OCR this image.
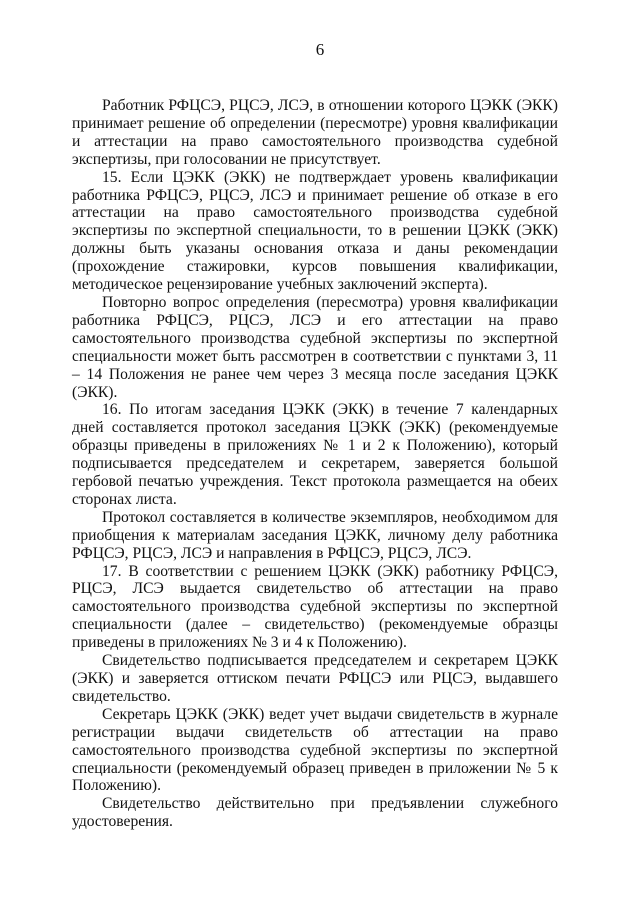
6

Работник РФЦСЭ, РЦСЭ, ЛСЭ, в отношении которого ЦЭКК (ЭКК) принимает решение об определении (пересмотре) уровня квалификации и аттестации на право самостоятельного производства судебной экспертизы, при голосовании не присутствует.

15. Если ЦЭКК (ЭКК) не подтверждает уровень квалификации работника РФЦСЭ, РЦСЭ, ЛСЭ и принимает решение об отказе в его аттестации на право самостоятельного производства судебной экспертизы по экспертной специальности, то в решении ЦЭКК (ЭКК) должны быть указаны основания отказа и даны рекомендации (прохождение стажировки, курсов повышения квалификации, методическое рецензирование учебных заключений эксперта).

Повторно вопрос определения (пересмотра) уровня квалификации работника РФЦСЭ, РЦСЭ, ЛСЭ и его аттестации на право самостоятельного производства судебной экспертизы по экспертной специальности может быть рассмотрен в соответствии с пунктами 3, 11 – 14 Положения не ранее чем через 3 месяца после заседания ЦЭКК (ЭКК).

16. По итогам заседания ЦЭКК (ЭКК) в течение 7 календарных дней составляется протокол заседания ЦЭКК (ЭКК) (рекомендуемые образцы приведены в приложениях № 1 и 2 к Положению), который подписывается председателем и секретарем, заверяется большой гербовой печатью учреждения. Текст протокола размещается на обеих сторонах листа.

Протокол составляется в количестве экземпляров, необходимом для приобщения к материалам заседания ЦЭКК, личному делу работника РФЦСЭ, РЦСЭ, ЛСЭ и направления в РФЦСЭ, РЦСЭ, ЛСЭ.

17. В соответствии с решением ЦЭКК (ЭКК) работнику РФЦСЭ, РЦСЭ, ЛСЭ выдается свидетельство об аттестации на право самостоятельного производства судебной экспертизы по экспертной специальности (далее – свидетельство) (рекомендуемые образцы приведены в приложениях № 3 и 4 к Положению).

Свидетельство подписывается председателем и секретарем ЦЭКК (ЭКК) и заверяется оттиском печати РФЦСЭ или РЦСЭ, выдавшего свидетельство.

Секретарь ЦЭКК (ЭКК) ведет учет выдачи свидетельств в журнале регистрации выдачи свидетельств об аттестации на право самостоятельного производства судебной экспертизы по экспертной специальности (рекомендуемый образец приведен в приложении № 5 к Положению).

Свидетельство действительно при предъявлении служебного удостоверения.
